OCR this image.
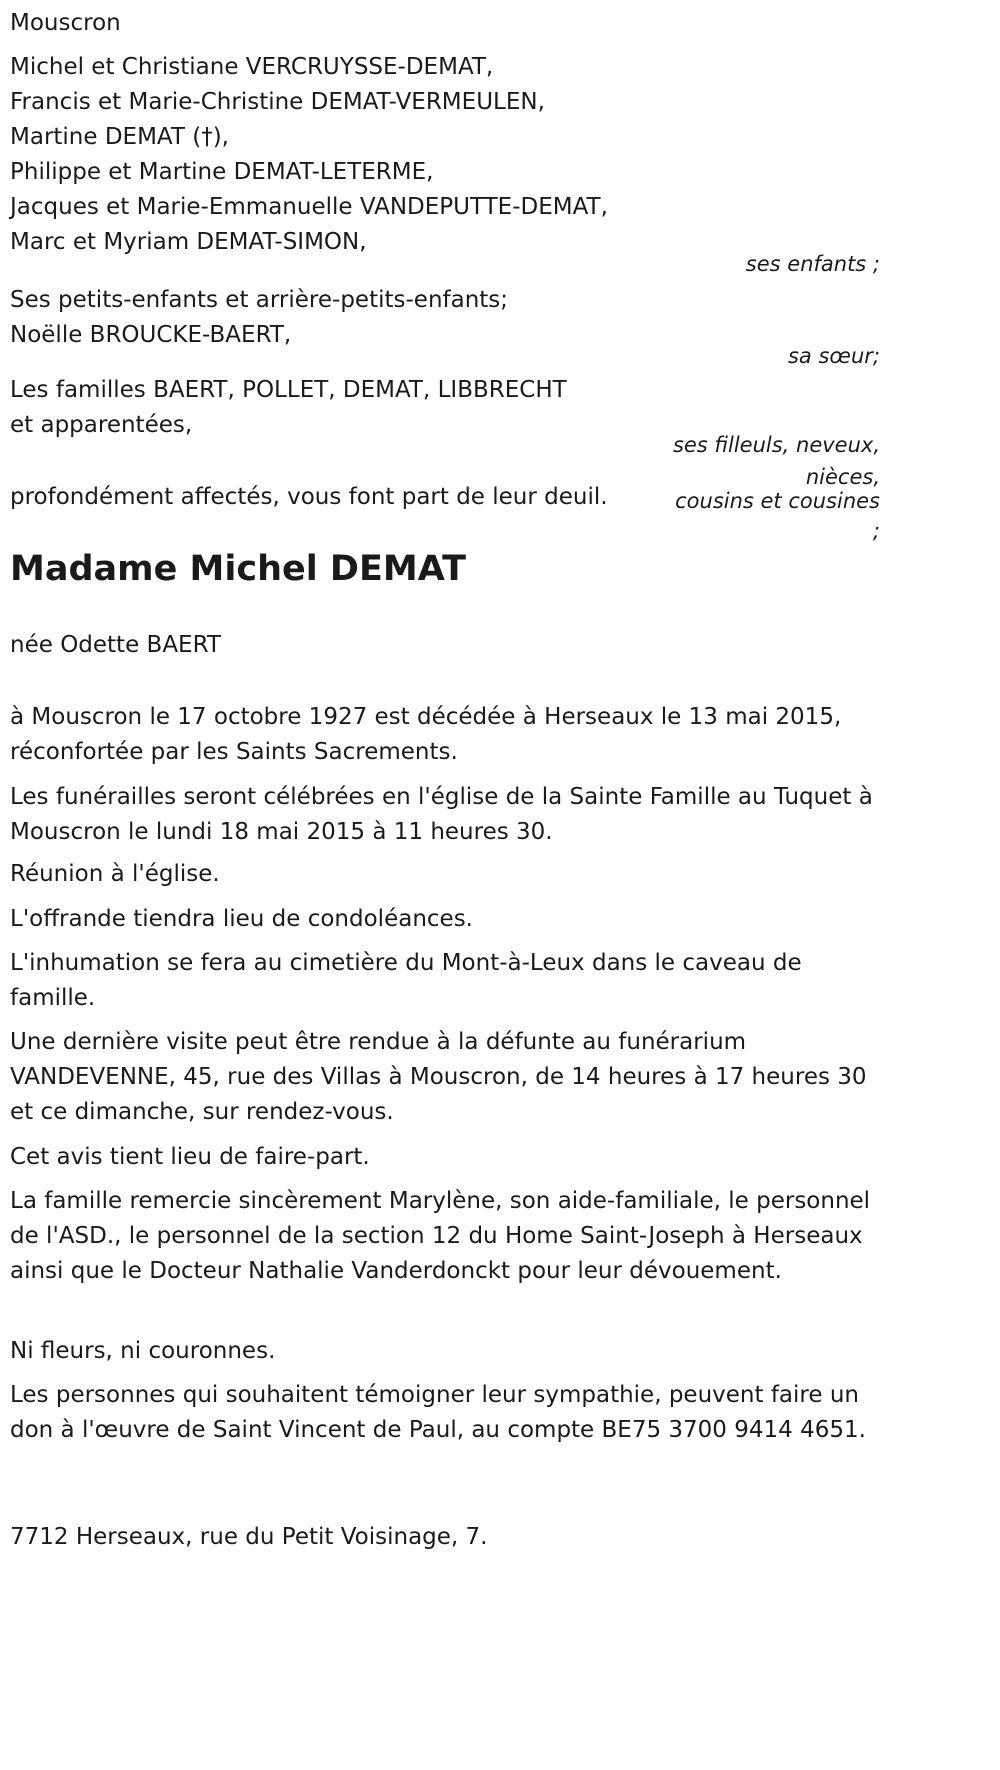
Mouscron
Michel et Christiane VERCRUYSSE-DEMAT,
Francis et Marie-Christine DEMAT-VERMEULEN,
Martine DEMAT (†),
Philippe et Martine DEMAT-LETERME,
Jacques et Marie-Emmanuelle VANDEPUTTE-DEMAT,
Marc et Myriam DEMAT-SIMON,
ses enfants ;
Ses petits-enfants et arrière-petits-enfants;
Noëlle BROUCKE-BAERT,
sa sœur;
Les familles BAERT, POLLET, DEMAT, LIBBRECHT
et apparentées,
ses filleuls, neveux,
nièces,
cousins et cousines
;
profondément affectés, vous font part de leur deuil.
Madame Michel DEMAT
née Odette BAERT
à Mouscron le 17 octobre 1927 est décédée à Herseaux le 13 mai 2015, réconfortée par les Saints Sacrements.
Les funérailles seront célébrées en l'église de la Sainte Famille au Tuquet à Mouscron le lundi 18 mai 2015 à 11 heures 30.
Réunion à l'église.
L'offrande tiendra lieu de condoléances.
L'inhumation se fera au cimetière du Mont-à-Leux dans le caveau de famille.
Une dernière visite peut être rendue à la défunte au funérarium VANDEVENNE, 45, rue des Villas à Mouscron, de 14 heures à 17 heures 30 et ce dimanche, sur rendez-vous.
Cet avis tient lieu de faire-part.
La famille remercie sincèrement Marylène, son aide-familiale, le personnel de l'ASD., le personnel de la section 12 du Home Saint-Joseph à Herseaux ainsi que le Docteur Nathalie Vanderdonckt pour leur dévouement.
Ni fleurs, ni couronnes.
Les personnes qui souhaitent témoigner leur sympathie, peuvent faire un don à l'œuvre de Saint Vincent de Paul, au compte BE75 3700 9414 4651.
7712 Herseaux, rue du Petit Voisinage, 7.
